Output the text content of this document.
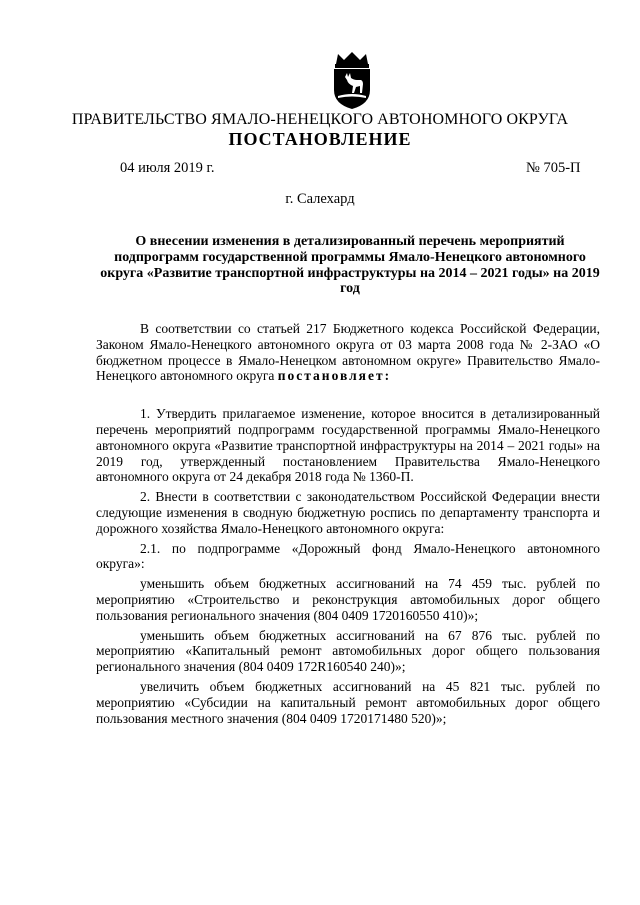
ПРАВИТЕЛЬСТВО ЯМАЛО-НЕНЕЦКОГО АВТОНОМНОГО ОКРУГА
ПОСТАНОВЛЕНИЕ
04 июля 2019 г.	№ 705-П
г. Салехард
О внесении изменения в детализированный перечень мероприятий подпрограмм государственной программы Ямало-Ненецкого автономного округа «Развитие транспортной инфраструктуры на 2014 – 2021 годы» на 2019 год

В соответствии со статьей 217 Бюджетного кодекса Российской Федерации, Законом Ямало-Ненецкого автономного округа от 03 марта 2008 года № 2-ЗАО «О бюджетном процессе в Ямало-Ненецком автономном округе» Правительство Ямало-Ненецкого автономного округа постановляет:

1. Утвердить прилагаемое изменение, которое вносится в детализированный перечень мероприятий подпрограмм государственной программы Ямало-Ненецкого автономного округа «Развитие транспортной инфраструктуры на 2014 – 2021 годы» на 2019 год, утвержденный постановлением Правительства Ямало-Ненецкого автономного округа от 24 декабря 2018 года № 1360-П.

2. Внести в соответствии с законодательством Российской Федерации внести следующие изменения в сводную бюджетную роспись по департаменту транспорта и дорожного хозяйства Ямало-Ненецкого автономного округа:

2.1. по подпрограмме «Дорожный фонд Ямало-Ненецкого автономного округа»:

уменьшить объем бюджетных ассигнований на 74 459 тыс. рублей по мероприятию «Строительство и реконструкция автомобильных дорог общего пользования регионального значения (804 0409 1720160550 410)»;

уменьшить объем бюджетных ассигнований на 67 876 тыс. рублей по мероприятию «Капитальный ремонт автомобильных дорог общего пользования регионального значения (804 0409 172R160540 240)»;

увеличить объем бюджетных ассигнований на 45 821 тыс. рублей по мероприятию «Субсидии на капитальный ремонт автомобильных дорог общего пользования местного значения (804 0409 1720171480 520)»;
